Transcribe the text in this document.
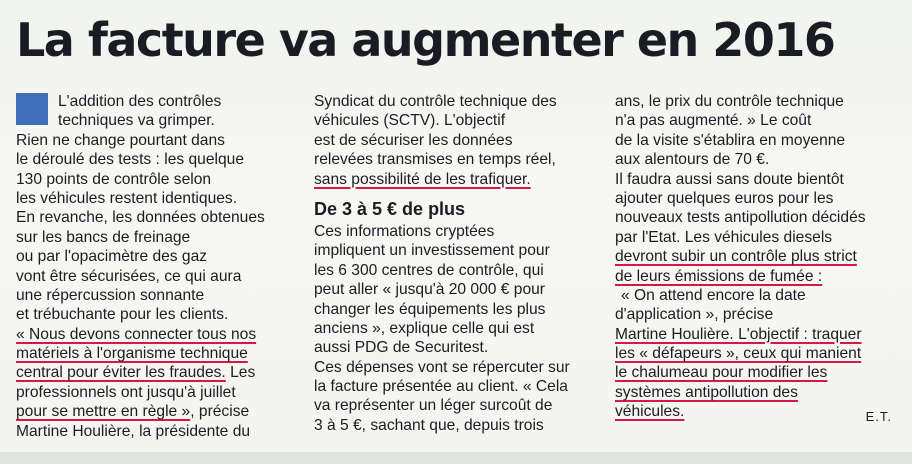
La facture va augmenter en 2016
L'addition des contrôles
techniques va grimper.
Rien ne change pourtant dans
le déroulé des tests : les quelque
130 points de contrôle selon
les véhicules restent identiques.
En revanche, les données obtenues
sur les bancs de freinage
ou par l'opacimètre des gaz
vont être sécurisées, ce qui aura
une répercussion sonnante
et trébuchante pour les clients.
« Nous devons connecter tous nos
matériels à l'organisme technique
central pour éviter les fraudes. Les
professionnels ont jusqu'à juillet
pour se mettre en règle », précise
Martine Houlière, la présidente du
Syndicat du contrôle technique des
véhicules (SCTV). L'objectif
est de sécuriser les données
relevées transmises en temps réel,
sans possibilité de les trafiquer.
De 3 à 5 € de plus
Ces informations cryptées
impliquent un investissement pour
les 6 300 centres de contrôle, qui
peut aller « jusqu'à 20 000 € pour
changer les équipements les plus
anciens », explique celle qui est
aussi PDG de Securitest.
Ces dépenses vont se répercuter sur
la facture présentée au client. « Cela
va représenter un léger surcoût de
3 à 5 €, sachant que, depuis trois
ans, le prix du contrôle technique
n'a pas augmenté. » Le coût
de la visite s'établira en moyenne
aux alentours de 70 €.
Il faudra aussi sans doute bientôt
ajouter quelques euros pour les
nouveaux tests antipollution décidés
par l'Etat. Les véhicules diesels
devront subir un contrôle plus strict
de leurs émissions de fumée :
« On attend encore la date
d'application », précise
Martine Houlière. L'objectif : traquer
les « défapeurs », ceux qui manient
le chalumeau pour modifier les
systèmes antipollution des
véhicules.	E.T.
